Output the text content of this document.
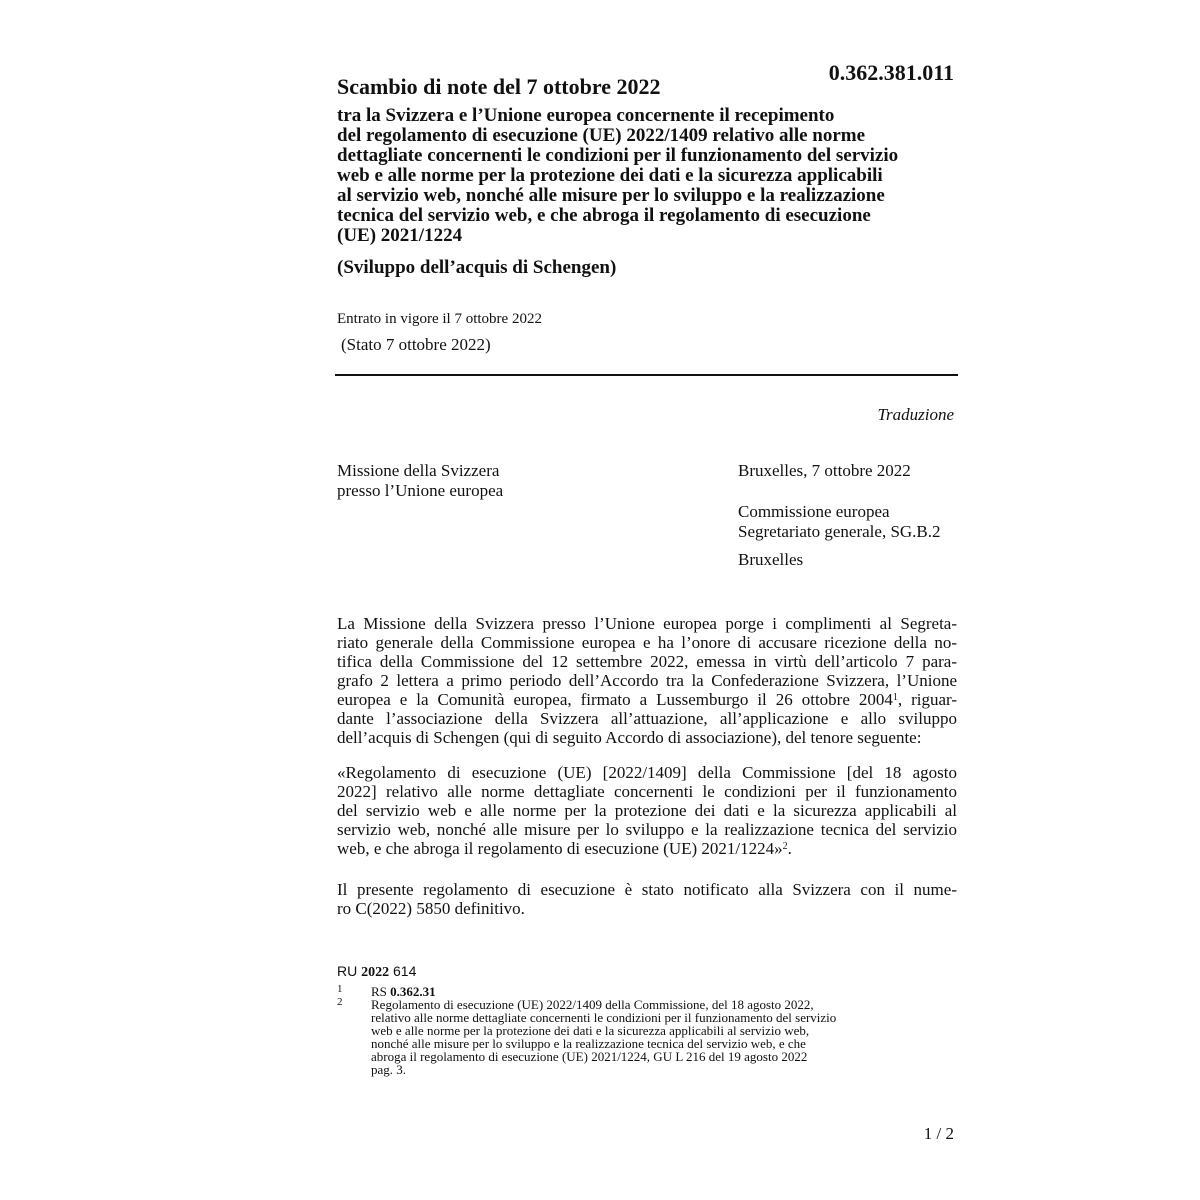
0.362.381.011
Scambio di note del 7 ottobre 2022
tra la Svizzera e l’Unione europea concernente il recepimento
del regolamento di esecuzione (UE) 2022/1409 relativo alle norme
dettagliate concernenti le condizioni per il funzionamento del servizio
web e alle norme per la protezione dei dati e la sicurezza applicabili
al servizio web, nonché alle misure per lo sviluppo e la realizzazione
tecnica del servizio web, e che abroga il regolamento di esecuzione
(UE) 2021/1224
(Sviluppo dell’acquis di Schengen)
Entrato in vigore il 7 ottobre 2022
(Stato 7 ottobre 2022)
Traduzione
Missione della Svizzera
presso l’Unione europea
Bruxelles, 7 ottobre 2022
Commissione europea
Segretariato generale, SG.B.2
Bruxelles
La Missione della Svizzera presso l’Unione europea porge i complimenti al Segreta-
riato generale della Commissione europea e ha l’onore di accusare ricezione della no-
tifica della Commissione del 12 settembre 2022, emessa in virtù dell’articolo 7 para-
grafo 2 lettera a primo periodo dell’Accordo tra la Confederazione Svizzera, l’Unione
europea e la Comunità europea, firmato a Lussemburgo il 26 ottobre 2004$^1$, riguar-
dante l’associazione della Svizzera all’attuazione, all’applicazione e allo sviluppo
dell’acquis di Schengen (qui di seguito Accordo di associazione), del tenore seguente:
«Regolamento di esecuzione (UE) [2022/1409] della Commissione [del 18 agosto
2022] relativo alle norme dettagliate concernenti le condizioni per il funzionamento
del servizio web e alle norme per la protezione dei dati e la sicurezza applicabili al
servizio web, nonché alle misure per lo sviluppo e la realizzazione tecnica del servizio
web, e che abroga il regolamento di esecuzione (UE) 2021/1224»$^2$.
Il presente regolamento di esecuzione è stato notificato alla Svizzera con il nume-
ro C(2022) 5850 definitivo.
RU 2022 614
1 RS 0.362.31
2 Regolamento di esecuzione (UE) 2022/1409 della Commissione, del 18 agosto 2022,
relativo alle norme dettagliate concernenti le condizioni per il funzionamento del servizio
web e alle norme per la protezione dei dati e la sicurezza applicabili al servizio web,
nonché alle misure per lo sviluppo e la realizzazione tecnica del servizio web, e che
abroga il regolamento di esecuzione (UE) 2021/1224, GU L 216 del 19 agosto 2022
pag. 3.
1 / 2
